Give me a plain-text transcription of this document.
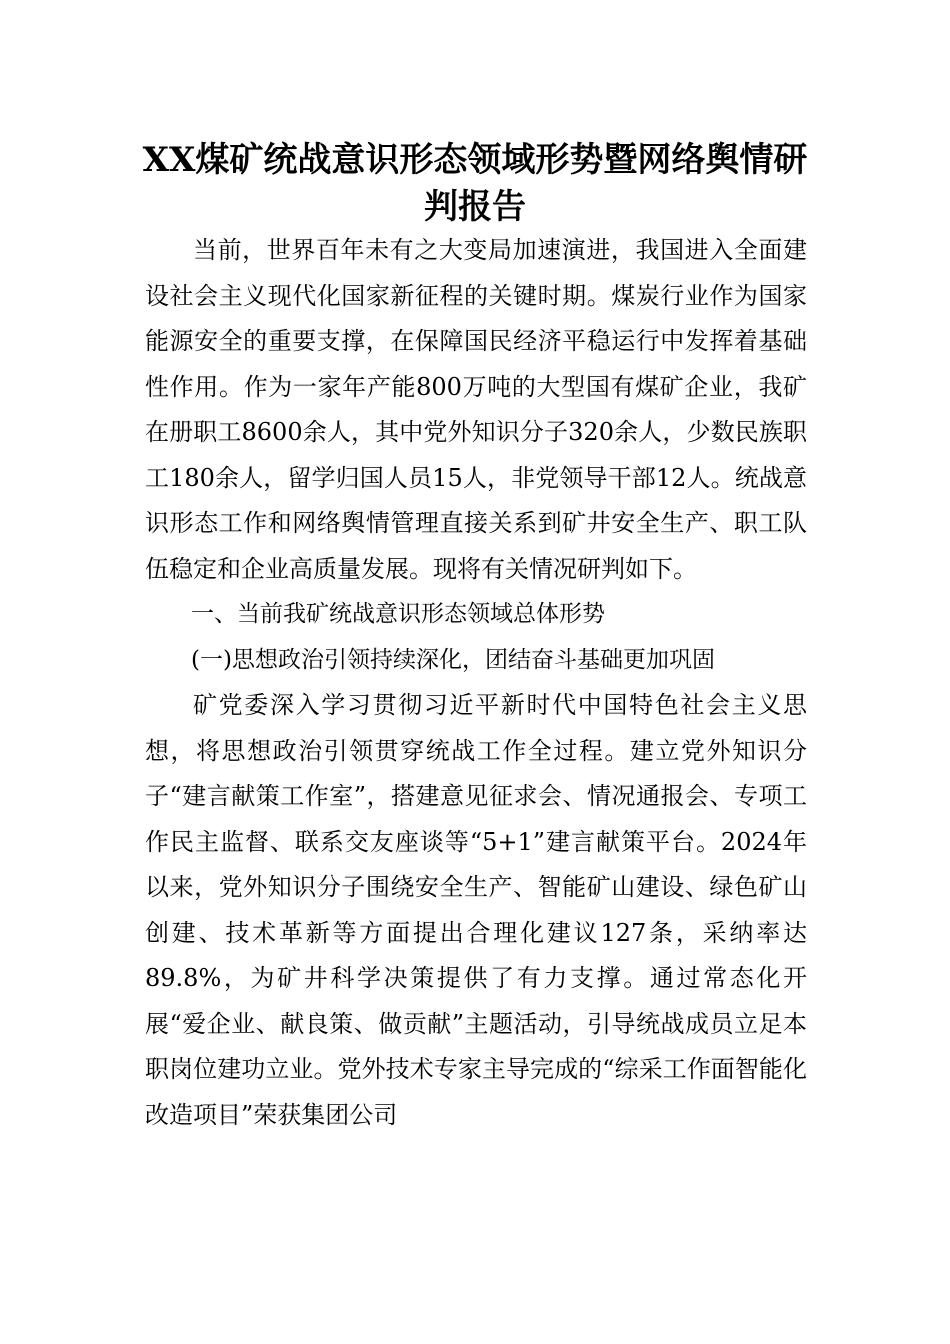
XX煤矿统战意识形态领域形势暨网络舆情研判报告

当前，世界百年未有之大变局加速演进，我国进入全面建设社会主义现代化国家新征程的关键时期。煤炭行业作为国家能源安全的重要支撑，在保障国民经济平稳运行中发挥着基础性作用。作为一家年产能800万吨的大型国有煤矿企业，我矿在册职工8600余人，其中党外知识分子320余人，少数民族职工180余人，留学归国人员15人，非党领导干部12人。统战意识形态工作和网络舆情管理直接关系到矿井安全生产、职工队伍稳定和企业高质量发展。现将有关情况研判如下。

一、当前我矿统战意识形态领域总体形势

(一)思想政治引领持续深化，团结奋斗基础更加巩固

矿党委深入学习贯彻习近平新时代中国特色社会主义思想，将思想政治引领贯穿统战工作全过程。建立党外知识分子“建言献策工作室”，搭建意见征求会、情况通报会、专项工作民主监督、联系交友座谈等“5+1”建言献策平台。2024年以来，党外知识分子围绕安全生产、智能矿山建设、绿色矿山创建、技术革新等方面提出合理化建议127条，采纳率达89.8%，为矿井科学决策提供了有力支撑。通过常态化开展“爱企业、献良策、做贡献”主题活动，引导统战成员立足本职岗位建功立业。党外技术专家主导完成的“综采工作面智能化改造项目”荣获集团公司
